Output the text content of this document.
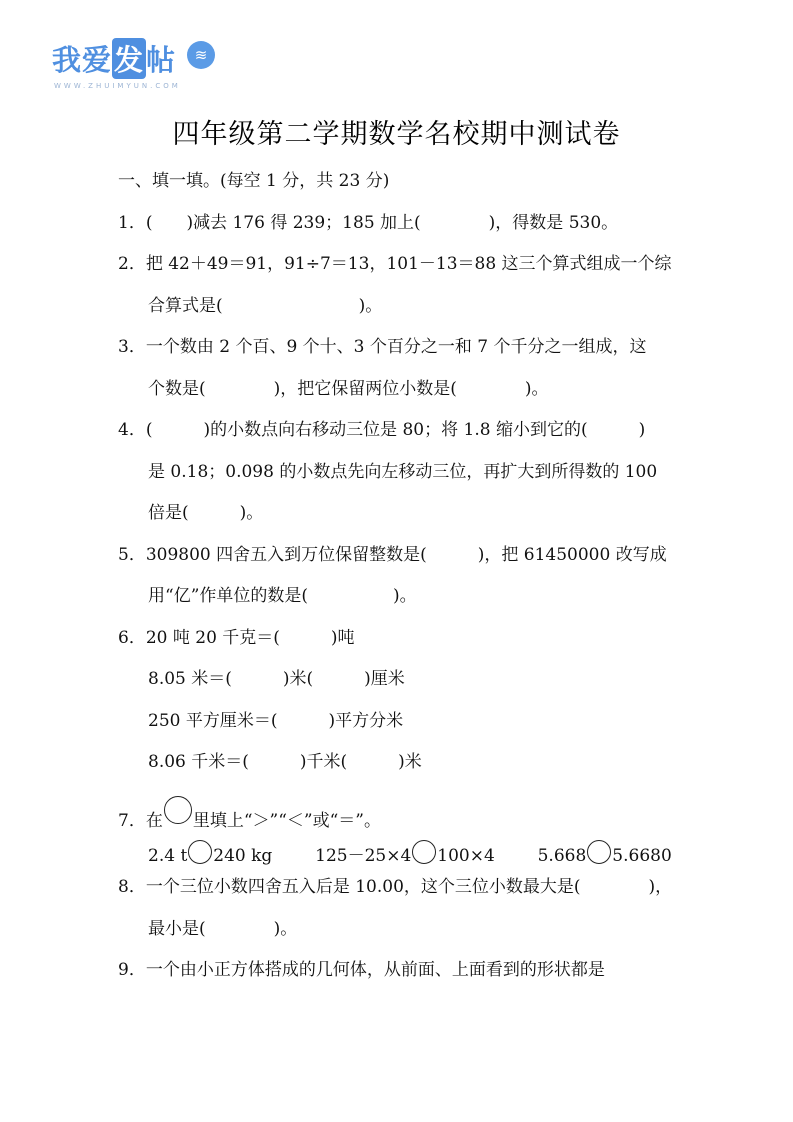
我爱发帖	≋
WWW.ZHUIMYUN.COM
四年级第二学期数学名校期中测试卷
一、填一填。(每空 1 分，共 23 分)
1．(　　)减去 176 得 239；185 加上(　　　　)，得数是 530。
2．把 42＋49＝91，91÷7＝13，101－13＝88 这三个算式组成一个综
合算式是(　　　　　　　　)。
3．一个数由 2 个百、9 个十、3 个百分之一和 7 个千分之一组成，这
个数是(　　　　)，把它保留两位小数是(　　　　)。
4．(　　　)的小数点向右移动三位是 80；将 1.8 缩小到它的(　　　)
是 0.18；0.098 的小数点先向左移动三位，再扩大到所得数的 100
倍是(　　　)。
5．309800 四舍五入到万位保留整数是(　　　)，把 61450000 改写成
用“亿”作单位的数是(　　　　　)。
6．20 吨 20 千克＝(　　　)吨
8.05 米＝(　　　)米(　　　)厘米
250 平方厘米＝(　　　)平方分米
8.06 千米＝(　　　)千米(　　　)米
7．在 里填上“＞”“＜”或“＝”。
2.4 t 240 kg	125－25×4 100×4	5.668 5.6680
8．一个三位小数四舍五入后是 10.00，这个三位小数最大是(　　　　)，
最小是(　　　　)。
9．一个由小正方体搭成的几何体，从前面、上面看到的形状都是
